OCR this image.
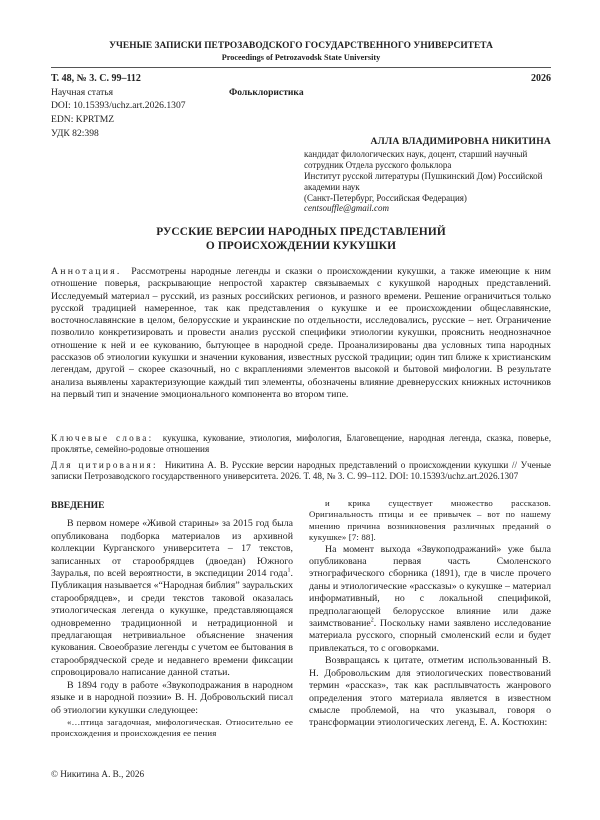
УЧЕНЫЕ ЗАПИСКИ ПЕТРОЗАВОДСКОГО ГОСУДАРСТВЕННОГО УНИВЕРСИТЕТА
Proceedings of Petrozavodsk State University
Т. 48, № 3. С. 99–112	2026
Научная статья	Фольклористика
DOI: 10.15393/uchz.art.2026.1307
EDN: KPRTMZ
УДК 82:398
АЛЛА ВЛАДИМИРОВНА НИКИТИНА
кандидат филологических наук, доцент, старший научный сотрудник Отдела русского фольклора
Институт русской литературы (Пушкинский Дом) Российской академии наук
(Санкт-Петербург, Российская Федерация)
centsouffle@gmail.com
РУССКИЕ ВЕРСИИ НАРОДНЫХ ПРЕДСТАВЛЕНИЙ
О ПРОИСХОЖДЕНИИ КУКУШКИ
Аннотация. Рассмотрены народные легенды и сказки о происхождении кукушки, а также имеющие к ним отношение поверья, раскрывающие непростой характер связываемых с кукушкой народных представлений. Исследуемый материал – русский, из разных российских регионов, и разного времени. Решение ограничиться только русской традицией намеренное, так как представления о кукушке и ее происхождении общеславянские, восточнославянские в целом, белорусские и украинские по отдельности, исследовались, русские – нет. Ограничение позволило конкретизировать и провести анализ русской специфики этиологии кукушки, прояснить неоднозначное отношение к ней и ее кукованию, бытующее в народной среде. Проанализированы два условных типа народных рассказов об этиологии кукушки и значении кукования, известных русской традиции; один тип ближе к христианским легендам, другой – скорее сказочный, но с вкраплениями элементов высокой и бытовой мифологии. В результате анализа выявлены характеризующие каждый тип элементы, обозначены влияние древнерусских книжных источников на первый тип и значение эмоционального компонента во втором типе.
Ключевые слова: кукушка, кукование, этиология, мифология, Благовещение, народная легенда, сказка, поверье, проклятье, семейно-родовые отношения
Для цитирования: Никитина А. В. Русские версии народных представлений о происхождении кукушки // Ученые записки Петрозаводского государственного университета. 2026. Т. 48, № 3. С. 99–112. DOI: 10.15393/uchz.art.2026.1307
ВВЕДЕНИЕ

В первом номере «Живой старины» за 2015 год была опубликована подборка материалов из архивной коллекции Курганского университета – 17 текстов, записанных от старообрядцев (двоедан) Южного Зауралья, по всей вероятности, в экспедиции 2014 года$^1$. Публикация называется «“Народная библия” зауральских старообрядцев», и среди текстов таковой оказалась этиологическая легенда о кукушке, представляющаяся одновременно традиционной и нетрадиционной и предлагающая нетривиальное объяснение значения кукования. Своеобразие легенды с учетом ее бытования в старообрядческой среде и недавнего времени фиксации спровоцировало написание данной статьи.

В 1894 году в работе «Звукоподражания в народном языке и в народной поэзии» В. Н. Добровольский писал об этиологии кукушки следующее:

«…птица загадочная, мифологическая. Относительно ее происхождения и происхождения ее пения

и крика существует множество рассказов. Оригинальность птицы и ее привычек – вот по нашему мнению причина возникновения различных преданий о кукушке» [7: 88].

На момент выхода «Звукоподражаний» уже была опубликована первая часть Смоленского этнографического сборника (1891), где в числе прочего даны и этиологические «рассказы» о кукушке – материал информативный, но с локальной спецификой, предполагающей белорусское влияние или даже заимствование$^2$. Поскольку нами заявлено исследование материала русского, спорный смоленский если и будет привлекаться, то с оговорками.

Возвращаясь к цитате, отметим использованный В. Н. Добровольским для этиологических повествований термин «рассказ», так как расплывчатость жанрового определения этого материала является в известном смысле проблемой, на что указывал, говоря о трансформации этиологических легенд, Е. А. Костюхин:

© Никитина А. В., 2026
